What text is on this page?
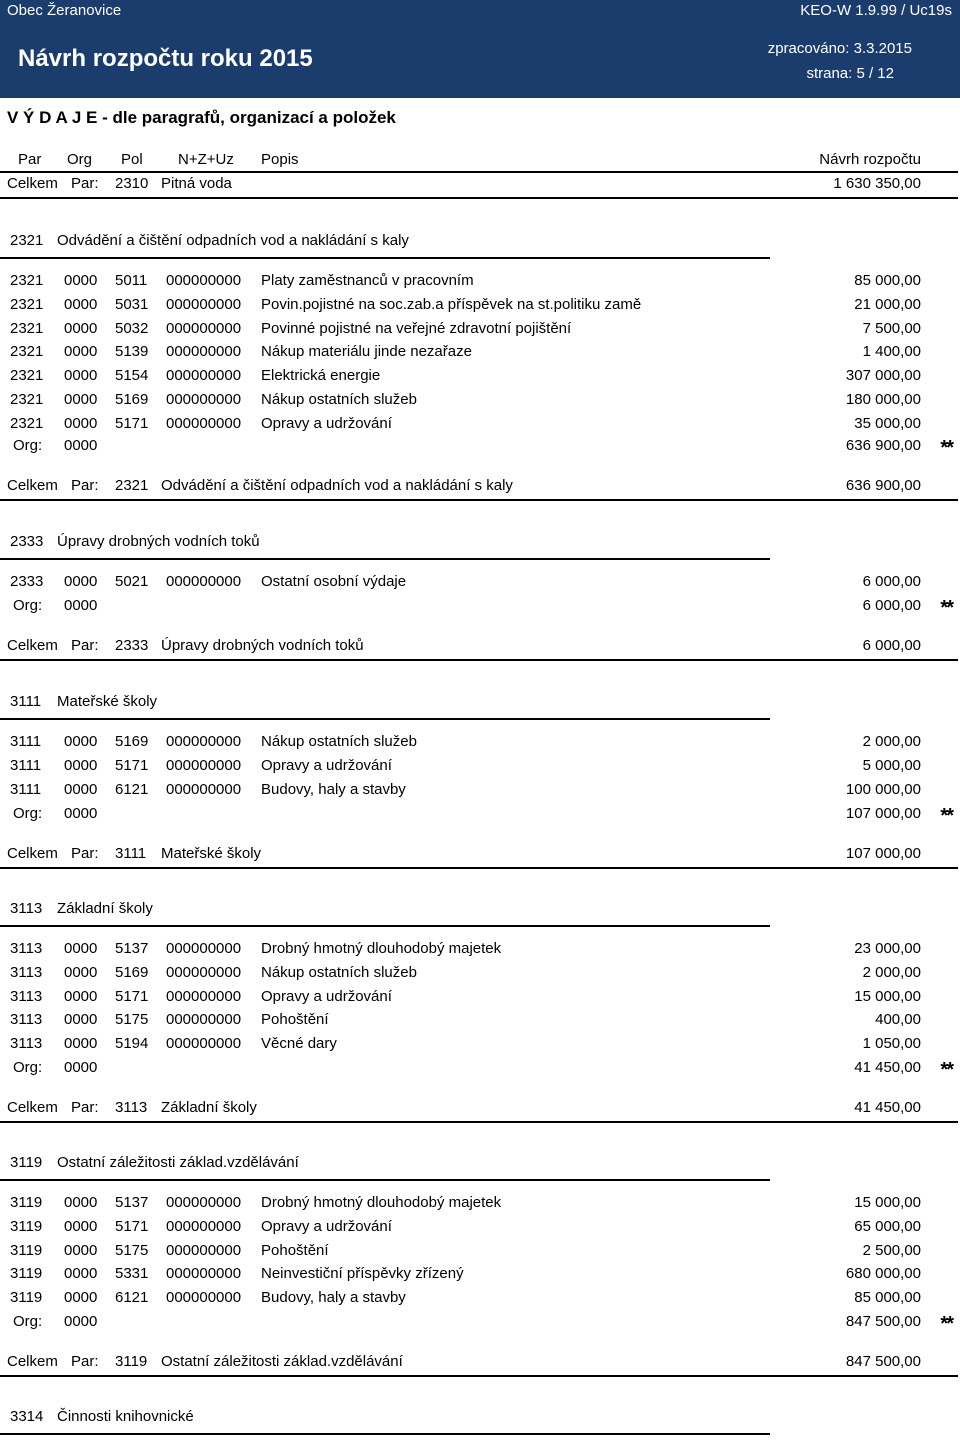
Obec Žeranovice	KEO-W 1.9.99 / Uc19s
Návrh rozpočtu roku 2015	zpracováno: 3.3.2015
strana: 5 / 12
V Ý D A J E - dle paragrafů, organizací a položek
Par Org Pol N+Z+Uz Popis	Návrh rozpočtu
Celkem Par: 2310 Pitná voda	1 630 350,00
2321 Odvádění a čištění odpadních vod a nakládání s kaly
2321 0000 5011 000000000 Platy zaměstnanců v pracovním	85 000,00
2321 0000 5031 000000000 Povin.pojistné na soc.zab.a příspěvek na st.politiku zamě	21 000,00
2321 0000 5032 000000000 Povinné pojistné na veřejné zdravotní pojištění	7 500,00
2321 0000 5139 000000000 Nákup materiálu jinde nezařaze	1 400,00
2321 0000 5154 000000000 Elektrická energie	307 000,00
2321 0000 5169 000000000 Nákup ostatních služeb	180 000,00
2321 0000 5171 000000000 Opravy a udržování	35 000,00
Org: 0000	636 900,00 **
Celkem Par: 2321 Odvádění a čištění odpadních vod a nakládání s kaly	636 900,00
2333 Úpravy drobných vodních toků
2333 0000 5021 000000000 Ostatní osobní výdaje	6 000,00
Org: 0000	6 000,00 **
Celkem Par: 2333 Úpravy drobných vodních toků	6 000,00
3111 Mateřské školy
3111 0000 5169 000000000 Nákup ostatních služeb	2 000,00
3111 0000 5171 000000000 Opravy a udržování	5 000,00
3111 0000 6121 000000000 Budovy, haly a stavby	100 000,00
Org: 0000	107 000,00 **
Celkem Par: 3111 Mateřské školy	107 000,00
3113 Základní školy
3113 0000 5137 000000000 Drobný hmotný dlouhodobý majetek	23 000,00
3113 0000 5169 000000000 Nákup ostatních služeb	2 000,00
3113 0000 5171 000000000 Opravy a udržování	15 000,00
3113 0000 5175 000000000 Pohoštění	400,00
3113 0000 5194 000000000 Věcné dary	1 050,00
Org: 0000	41 450,00 **
Celkem Par: 3113 Základní školy	41 450,00
3119 Ostatní záležitosti základ.vzdělávání
3119 0000 5137 000000000 Drobný hmotný dlouhodobý majetek	15 000,00
3119 0000 5171 000000000 Opravy a udržování	65 000,00
3119 0000 5175 000000000 Pohoštění	2 500,00
3119 0000 5331 000000000 Neinvestiční příspěvky zřízený	680 000,00
3119 0000 6121 000000000 Budovy, haly a stavby	85 000,00
Org: 0000	847 500,00 **
Celkem Par: 3119 Ostatní záležitosti základ.vzdělávání	847 500,00
3314 Činnosti knihovnické
